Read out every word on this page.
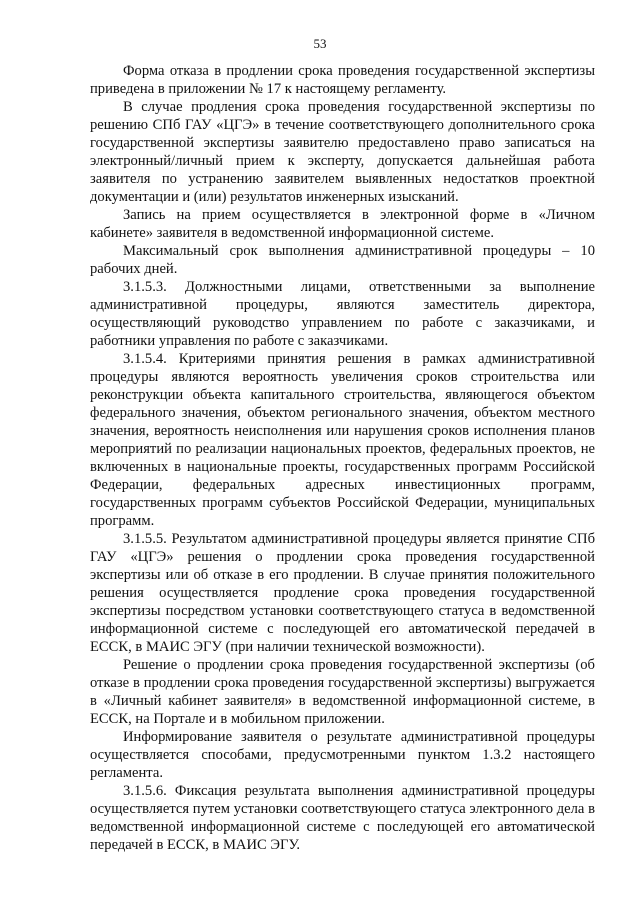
53

Форма отказа в продлении срока проведения государственной экспертизы приведена в приложении № 17 к настоящему регламенту.

В случае продления срока проведения государственной экспертизы по решению СПб ГАУ «ЦГЭ» в течение соответствующего дополнительного срока государственной экспертизы заявителю предоставлено право записаться на электронный/личный прием к эксперту, допускается дальнейшая работа заявителя по устранению заявителем выявленных недостатков проектной документации и (или) результатов инженерных изысканий.

Запись на прием осуществляется в электронной форме в «Личном кабинете» заявителя в ведомственной информационной системе.

Максимальный срок выполнения административной процедуры – 10 рабочих дней.

3.1.5.3. Должностными лицами, ответственными за выполнение административной процедуры, являются заместитель директора, осуществляющий руководство управлением по работе с заказчиками, и работники управления по работе с заказчиками.

3.1.5.4. Критериями принятия решения в рамках административной процедуры являются вероятность увеличения сроков строительства или реконструкции объекта капитального строительства, являющегося объектом федерального значения, объектом регионального значения, объектом местного значения, вероятность неисполнения или нарушения сроков исполнения планов мероприятий по реализации национальных проектов, федеральных проектов, не включенных в национальные проекты, государственных программ Российской Федерации, федеральных адресных инвестиционных программ, государственных программ субъектов Российской Федерации, муниципальных программ.

3.1.5.5. Результатом административной процедуры является принятие СПб ГАУ «ЦГЭ» решения о продлении срока проведения государственной экспертизы или об отказе в его продлении. В случае принятия положительного решения осуществляется продление срока проведения государственной экспертизы посредством установки соответствующего статуса в ведомственной информационной системе с последующей его автоматической передачей в ЕССК, в МАИС ЭГУ (при наличии технической возможности).

Решение о продлении срока проведения государственной экспертизы (об отказе в продлении срока проведения государственной экспертизы) выгружается в «Личный кабинет заявителя» в ведомственной информационной системе, в ЕССК, на Портале и в мобильном приложении.

Информирование заявителя о результате административной процедуры осуществляется способами, предусмотренными пунктом 1.3.2 настоящего регламента.

3.1.5.6. Фиксация результата выполнения административной процедуры осуществляется путем установки соответствующего статуса электронного дела в ведомственной информационной системе с последующей его автоматической передачей в ЕССК, в МАИС ЭГУ.
